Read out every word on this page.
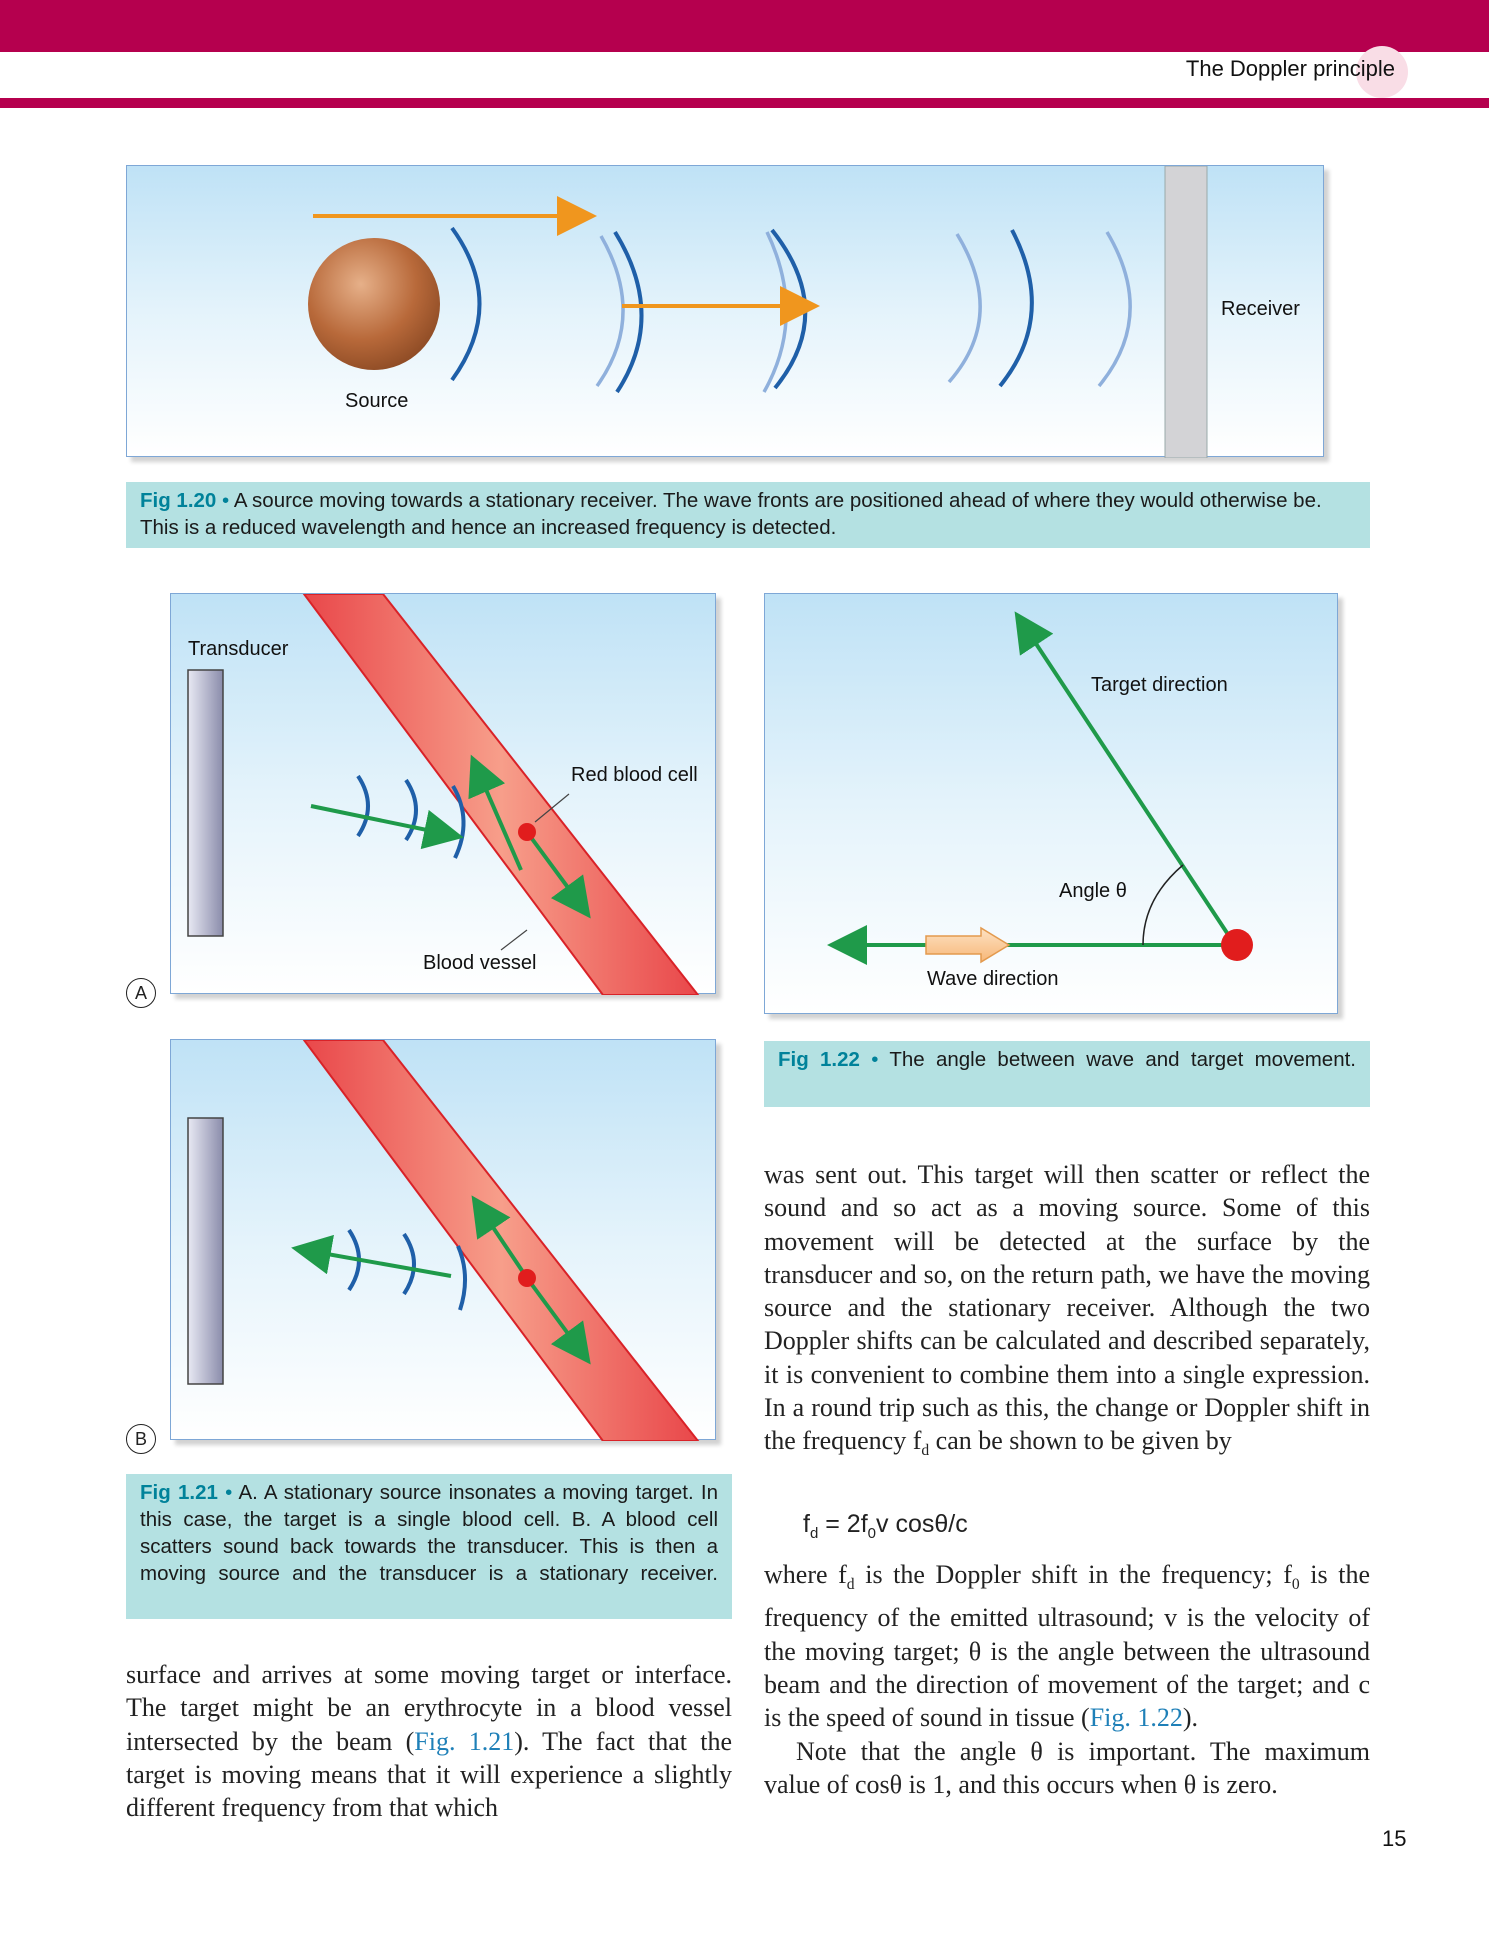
The Doppler principle
Source
Receiver
Fig 1.20 • A source moving towards a stationary receiver. The wave fronts are positioned ahead of where they would otherwise be. This is a reduced wavelength and hence an increased frequency is detected.
Transducer
Red blood cell
Blood vessel
A
B
Fig 1.21 • A. A stationary source insonates a moving target. In this case, the target is a single blood cell. B. A blood cell scatters sound back towards the transducer. This is then a moving source and the transducer is a stationary receiver.
Target direction
Angle θ
Wave direction
Fig 1.22 • The angle between wave and target movement.

surface and arrives at some moving target or interface. The target might be an erythrocyte in a blood vessel intersected by the beam (Fig. 1.21). The fact that the target is moving means that it will experience a slightly different frequency from that which

was sent out. This target will then scatter or reflect the sound and so act as a moving source. Some of this movement will be detected at the surface by the transducer and so, on the return path, we have the moving source and the stationary receiver. Although the two Doppler shifts can be calculated and described separately, it is convenient to combine them into a single expression. In a round trip such as this, the change or Doppler shift in the frequency $f_d$ can be shown to be given by

$f_d = 2f_0v$ cosθ/c

where $f_d$ is the Doppler shift in the frequency; $f_0$ is the frequency of the emitted ultrasound; v is the velocity of the moving target; θ is the angle between the ultrasound beam and the direction of movement of the target; and c is the speed of sound in tissue (Fig. 1.22).

Note that the angle θ is important. The maximum value of cosθ is 1, and this occurs when θ is zero.

15
